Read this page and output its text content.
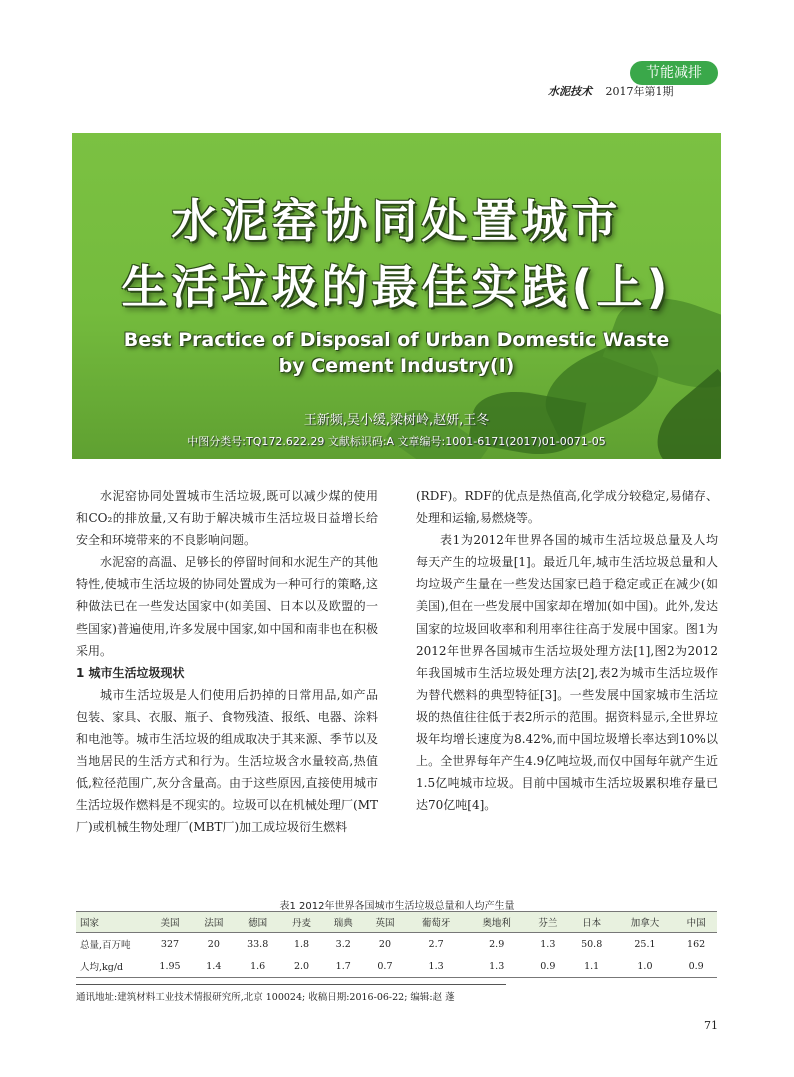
节能减排
水泥技术 2017年第1期
水泥窑协同处置城市
生活垃圾的最佳实践(上)
Best Practice of Disposal of Urban Domestic Waste
by Cement Industry(Ⅰ)
王新频,吴小缓,梁树岭,赵妍,王冬
中图分类号:TQ172.622.29 文献标识码:A 文章编号:1001-6171(2017)01-0071-05

水泥窑协同处置城市生活垃圾,既可以减少煤的使用和CO₂的排放量,又有助于解决城市生活垃圾日益增长给安全和环境带来的不良影响问题。

水泥窑的高温、足够长的停留时间和水泥生产的其他特性,使城市生活垃圾的协同处置成为一种可行的策略,这种做法已在一些发达国家中(如美国、日本以及欧盟的一些国家)普遍使用,许多发展中国家,如中国和南非也在积极采用。

1 城市生活垃圾现状

城市生活垃圾是人们使用后扔掉的日常用品,如产品包装、家具、衣服、瓶子、食物残渣、报纸、电器、涂料和电池等。城市生活垃圾的组成取决于其来源、季节以及当地居民的生活方式和行为。生活垃圾含水量较高,热值低,粒径范围广,灰分含量高。由于这些原因,直接使用城市生活垃圾作燃料是不现实的。垃圾可以在机械处理厂(MT厂)或机械生物处理厂(MBT厂)加工成垃圾衍生燃料

(RDF)。RDF的优点是热值高,化学成分较稳定,易储存、处理和运输,易燃烧等。

表1为2012年世界各国的城市生活垃圾总量及人均每天产生的垃圾量[1]。最近几年,城市生活垃圾总量和人均垃圾产生量在一些发达国家已趋于稳定或正在减少(如美国),但在一些发展中国家却在增加(如中国)。此外,发达国家的垃圾回收率和利用率往往高于发展中国家。图1为2012年世界各国城市生活垃圾处理方法[1],图2为2012年我国城市生活垃圾处理方法[2],表2为城市生活垃圾作为替代燃料的典型特征[3]。一些发展中国家城市生活垃圾的热值往往低于表2所示的范围。据资料显示,全世界垃圾年均增长速度为8.42%,而中国垃圾增长率达到10%以上。全世界每年产生4.9亿吨垃圾,而仅中国每年就产生近1.5亿吨城市垃圾。目前中国城市生活垃圾累积堆存量已达70亿吨[4]。

表1 2012年世界各国城市生活垃圾总量和人均产生量
国家	美国	法国	德国	丹麦	瑞典	英国	葡萄牙	奥地利	芬兰	日本	加拿大	中国
总量,百万吨	327	20	33.8	1.8	3.2	20	2.7	2.9	1.3	50.8	25.1	162
人均,kg/d	1.95	1.4	1.6	2.0	1.7	0.7	1.3	1.3	0.9	1.1	1.0	0.9
通讯地址:建筑材料工业技术情报研究所,北京 100024; 收稿日期:2016-06-22; 编辑:赵 蓬
71
